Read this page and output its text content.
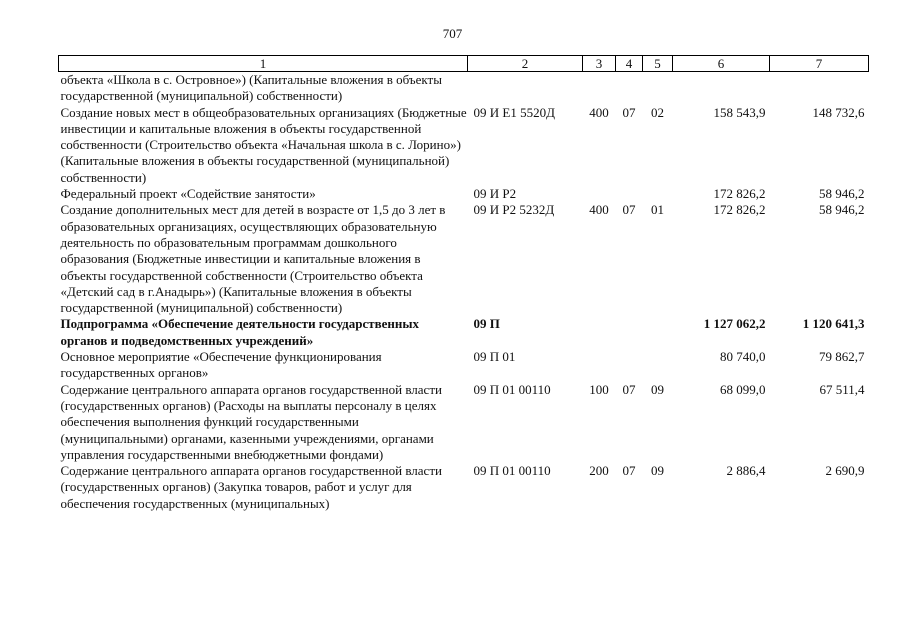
707
1	2	3	4	5	6	7
объекта «Школа в с. Островное») (Капитальные вложения в объекты государственной (муниципальной) собственности)						
Создание новых мест в общеобразовательных организациях (Бюджетные инвестиции и капитальные вложения в объекты государственной собственности (Строительство объекта «Начальная школа в с. Лорино») (Капитальные вложения в объекты государственной (муниципальной) собственности)	09 И Е1 5520Д	400	07	02	158 543,9	148 732,6
Федеральный проект «Содействие занятости»	09 И Р2				172 826,2	58 946,2
Создание дополнительных мест для детей в возрасте от 1,5 до 3 лет в образовательных организациях, осуществляющих образовательную деятельность по образовательным программам дошкольного образования (Бюджетные инвестиции и капитальные вложения в объекты государственной собственности (Строительство объекта «Детский сад в г.Анадырь») (Капитальные вложения в объекты государственной (муниципальной) собственности)	09 И Р2 5232Д	400	07	01	172 826,2	58 946,2
Подпрограмма «Обеспечение деятельности государственных органов и подведомственных учреждений»	09 П				1 127 062,2	1 120 641,3
Основное мероприятие «Обеспечение функционирования государственных органов»	09 П 01				80 740,0	79 862,7
Содержание центрального аппарата органов государственной власти (государственных органов) (Расходы на выплаты персоналу в целях обеспечения выполнения функций государственными (муниципальными) органами, казенными учреждениями, органами управления государственными внебюджетными фондами)	09 П 01 00110	100	07	09	68 099,0	67 511,4
Содержание центрального аппарата органов государственной власти (государственных органов) (Закупка товаров, работ и услуг для обеспечения государственных (муниципальных)	09 П 01 00110	200	07	09	2 886,4	2 690,9
